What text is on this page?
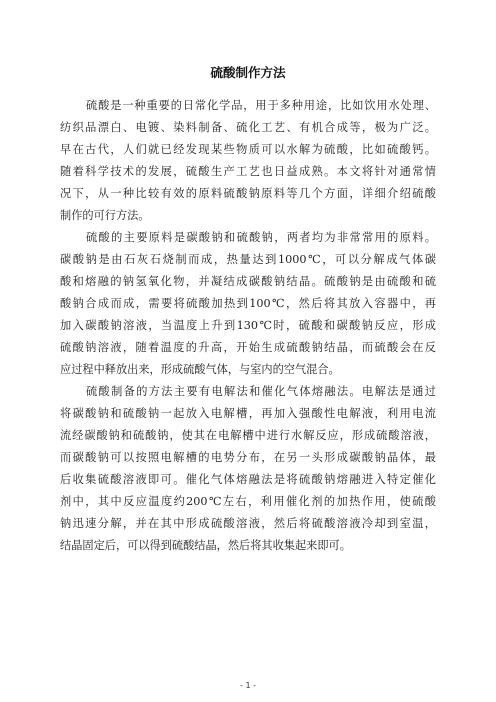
硫酸制作方法

硫酸是一种重要的日常化学品，用于多种用途，比如饮用水处理、

纺织品漂白、电镀、染料制备、硫化工艺、有机合成等，极为广泛。

早在古代，人们就已经发现某些物质可以水解为硫酸，比如硫酸钙。

随着科学技术的发展，硫酸生产工艺也日益成熟。本文将针对通常情

况下，从一种比较有效的原料硫酸钠原料等几个方面，详细介绍硫酸

制作的可行方法。

硫酸的主要原料是碳酸钠和硫酸钠，两者均为非常常用的原料。

碳酸钠是由石灰石烧制而成，热量达到1000℃，可以分解成气体碳

酸和熔融的钠氢氧化物，并凝结成碳酸钠结晶。硫酸钠是由硫酸和硫

酸钠合成而成，需要将硫酸加热到100℃，然后将其放入容器中，再

加入碳酸钠溶液，当温度上升到130℃时，硫酸和碳酸钠反应，形成

硫酸钠溶液，随着温度的升高，开始生成硫酸钠结晶，而硫酸会在反

应过程中释放出来，形成硫酸气体，与室内的空气混合。

硫酸制备的方法主要有电解法和催化气体熔融法。电解法是通过

将碳酸钠和硫酸钠一起放入电解槽，再加入强酸性电解液，利用电流

流经碳酸钠和硫酸钠，使其在电解槽中进行水解反应，形成硫酸溶液，

而碳酸钠可以按照电解槽的电势分布，在另一头形成碳酸钠晶体，最

后收集硫酸溶液即可。催化气体熔融法是将硫酸钠熔融进入特定催化

剂中，其中反应温度约200℃左右，利用催化剂的加热作用，使硫酸

钠迅速分解，并在其中形成硫酸溶液，然后将硫酸溶液冷却到室温，

结晶固定后，可以得到硫酸结晶，然后将其收集起来即可。

- 1 -
